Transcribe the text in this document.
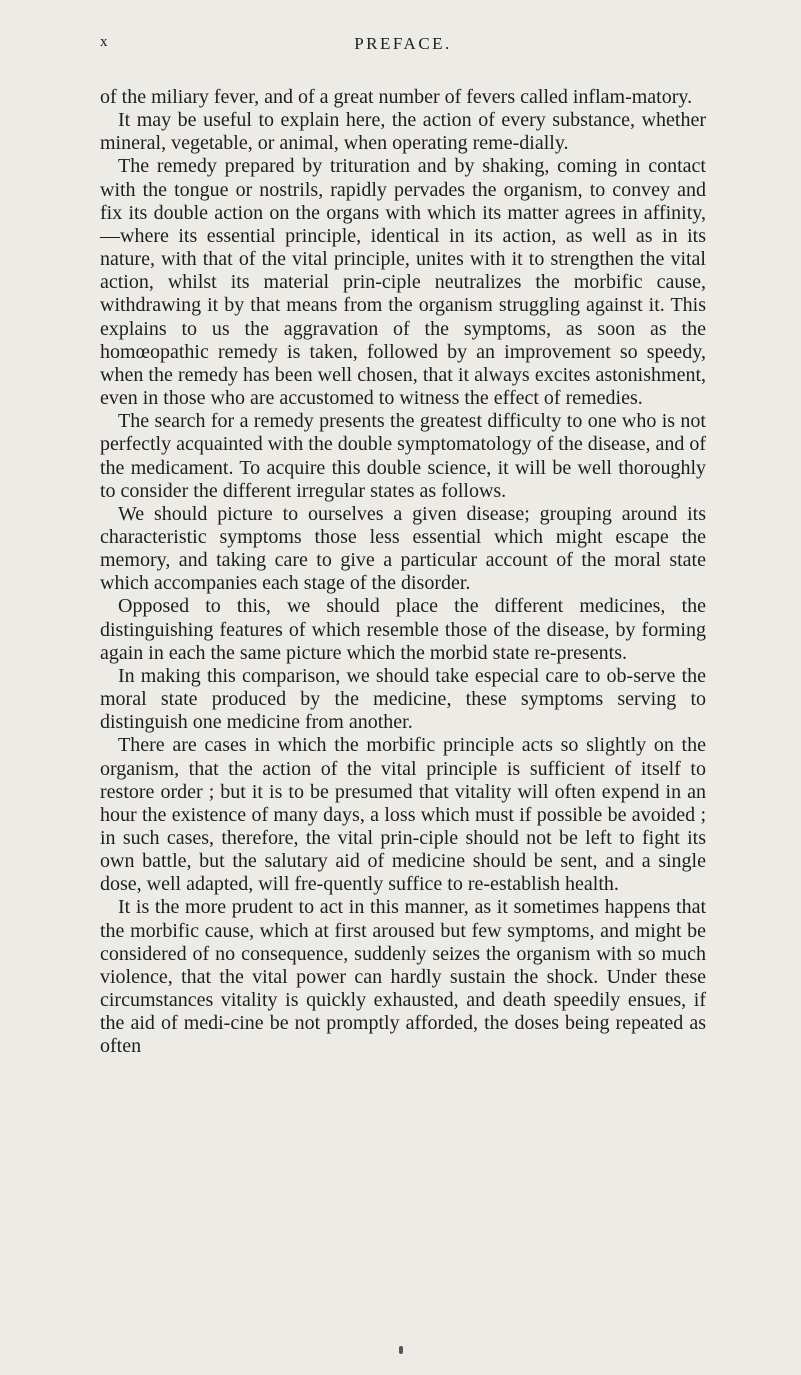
x	PREFACE.

of the miliary fever, and of a great number of fevers called inflam-matory.

It may be useful to explain here, the action of every substance, whether mineral, vegetable, or animal, when operating reme-dially.

The remedy prepared by trituration and by shaking, coming in contact with the tongue or nostrils, rapidly pervades the organism, to convey and fix its double action on the organs with which its matter agrees in affinity,—where its essential principle, identical in its action, as well as in its nature, with that of the vital principle, unites with it to strengthen the vital action, whilst its material prin-ciple neutralizes the morbific cause, withdrawing it by that means from the organism struggling against it. This explains to us the aggravation of the symptoms, as soon as the homœopathic remedy is taken, followed by an improvement so speedy, when the remedy has been well chosen, that it always excites astonishment, even in those who are accustomed to witness the effect of remedies.

The search for a remedy presents the greatest difficulty to one who is not perfectly acquainted with the double symptomatology of the disease, and of the medicament. To acquire this double science, it will be well thoroughly to consider the different irregular states as follows.

We should picture to ourselves a given disease; grouping around its characteristic symptoms those less essential which might escape the memory, and taking care to give a particular account of the moral state which accompanies each stage of the disorder.

Opposed to this, we should place the different medicines, the distinguishing features of which resemble those of the disease, by forming again in each the same picture which the morbid state re-presents.

In making this comparison, we should take especial care to ob-serve the moral state produced by the medicine, these symptoms serving to distinguish one medicine from another.

There are cases in which the morbific principle acts so slightly on the organism, that the action of the vital principle is sufficient of itself to restore order ; but it is to be presumed that vitality will often expend in an hour the existence of many days, a loss which must if possible be avoided ; in such cases, therefore, the vital prin-ciple should not be left to fight its own battle, but the salutary aid of medicine should be sent, and a single dose, well adapted, will fre-quently suffice to re-establish health.

It is the more prudent to act in this manner, as it sometimes happens that the morbific cause, which at first aroused but few symptoms, and might be considered of no consequence, suddenly seizes the organism with so much violence, that the vital power can hardly sustain the shock. Under these circumstances vitality is quickly exhausted, and death speedily ensues, if the aid of medi-cine be not promptly afforded, the doses being repeated as often
